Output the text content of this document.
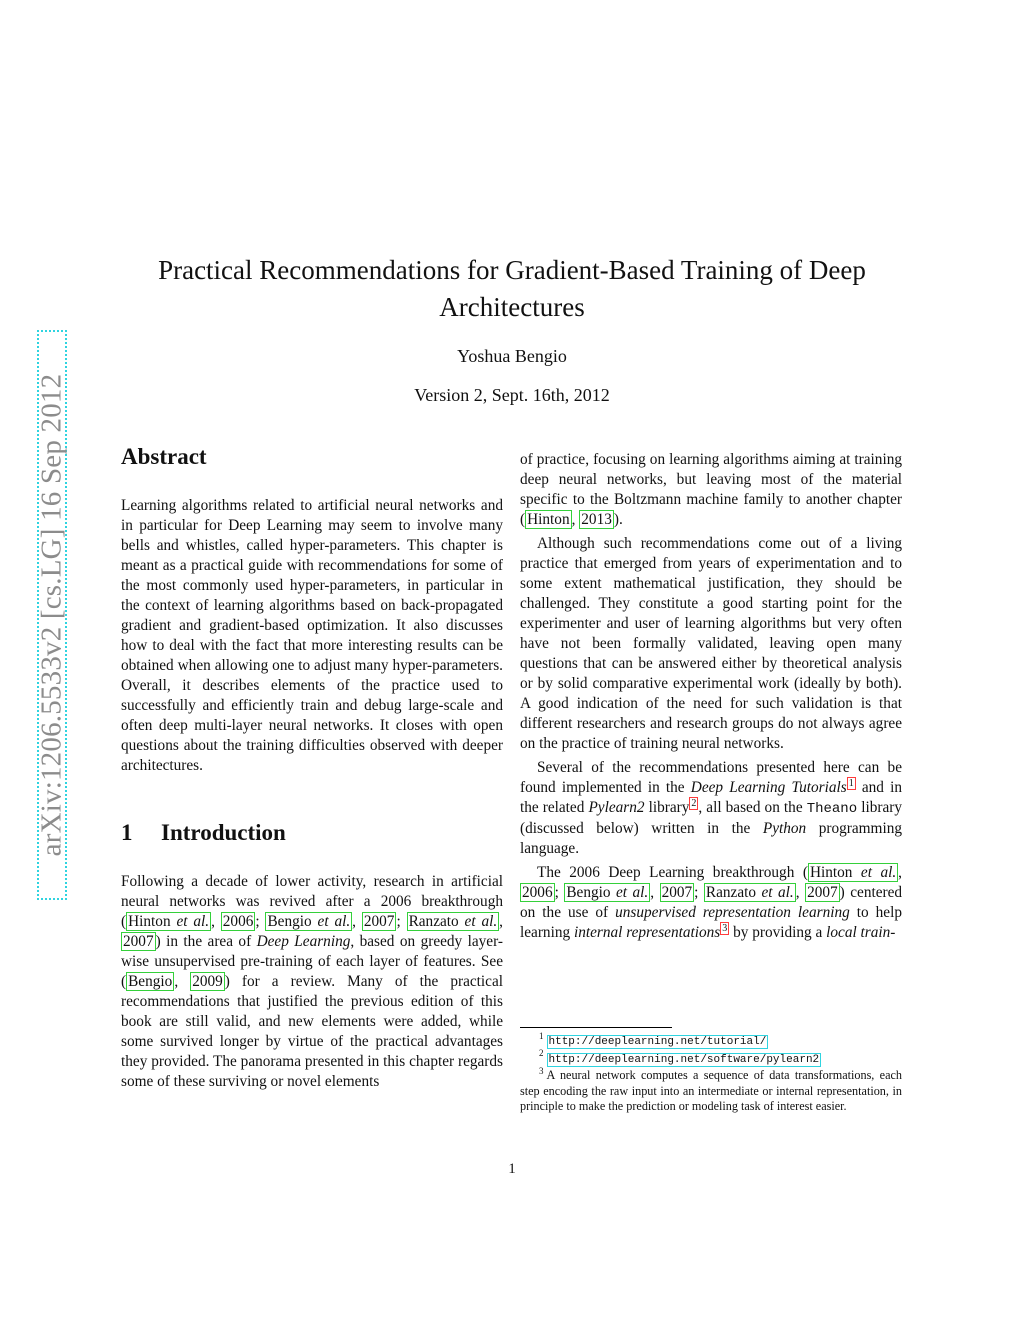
arXiv:1206.5533v2 [cs.LG] 16 Sep 2012
Practical Recommendations for Gradient-Based Training of Deep Architectures
Yoshua Bengio
Version 2, Sept. 16th, 2012
Abstract

Learning algorithms related to artificial neural networks and in particular for Deep Learning may seem to involve many bells and whistles, called hyper-parameters. This chapter is meant as a practical guide with recommendations for some of the most commonly used hyper-parameters, in particular in the context of learning algorithms based on back-propagated gradient and gradient-based optimization. It also discusses how to deal with the fact that more interesting results can be obtained when allowing one to adjust many hyper-parameters. Overall, it describes elements of the practice used to successfully and efficiently train and debug large-scale and often deep multi-layer neural networks. It closes with open questions about the training difficulties observed with deeper architectures.

1 Introduction

Following a decade of lower activity, research in artificial neural networks was revived after a 2006 breakthrough ( Hinton et al. , 2006 ; Bengio et al. , 2007 ; Ranzato et al. , 2007 ) in the area of Deep Learning, based on greedy layer-wise unsupervised pre-training of each layer of features. See ( Bengio , 2009 ) for a review. Many of the practical recommendations that justified the previous edition of this book are still valid, and new elements were added, while some survived longer by virtue of the practical advantages they provided. The panorama presented in this chapter regards some of these surviving or novel elements

of practice, focusing on learning algorithms aiming at training deep neural networks, but leaving most of the material specific to the Boltzmann machine family to another chapter ( Hinton , 2013 ).

Although such recommendations come out of a living practice that emerged from years of experimentation and to some extent mathematical justification, they should be challenged. They constitute a good starting point for the experimenter and user of learning algorithms but very often have not been formally validated, leaving open many questions that can be answered either by theoretical analysis or by solid comparative experimental work (ideally by both). A good indication of the need for such validation is that different researchers and research groups do not always agree on the practice of training neural networks.

Several of the recommendations presented here can be found implemented in the Deep Learning Tutorials $^1$ and in the related Pylearn2 library $^2$ , all based on the Theano library (discussed below) written in the Python programming language.

The 2006 Deep Learning breakthrough ( Hinton et al. , 2006 ; Bengio et al. , 2007 ; Ranzato et al. , 2007 ) centered on the use of unsupervised representation learning to help learning internal representations $^3$ by providing a local train-

$^1$http://deeplearning.net/tutorial/
$^2$http://deeplearning.net/software/pylearn2
$^3$ A neural network computes a sequence of data transformations, each step encoding the raw input into an intermediate or internal representation, in principle to make the prediction or modeling task of interest easier.
1
